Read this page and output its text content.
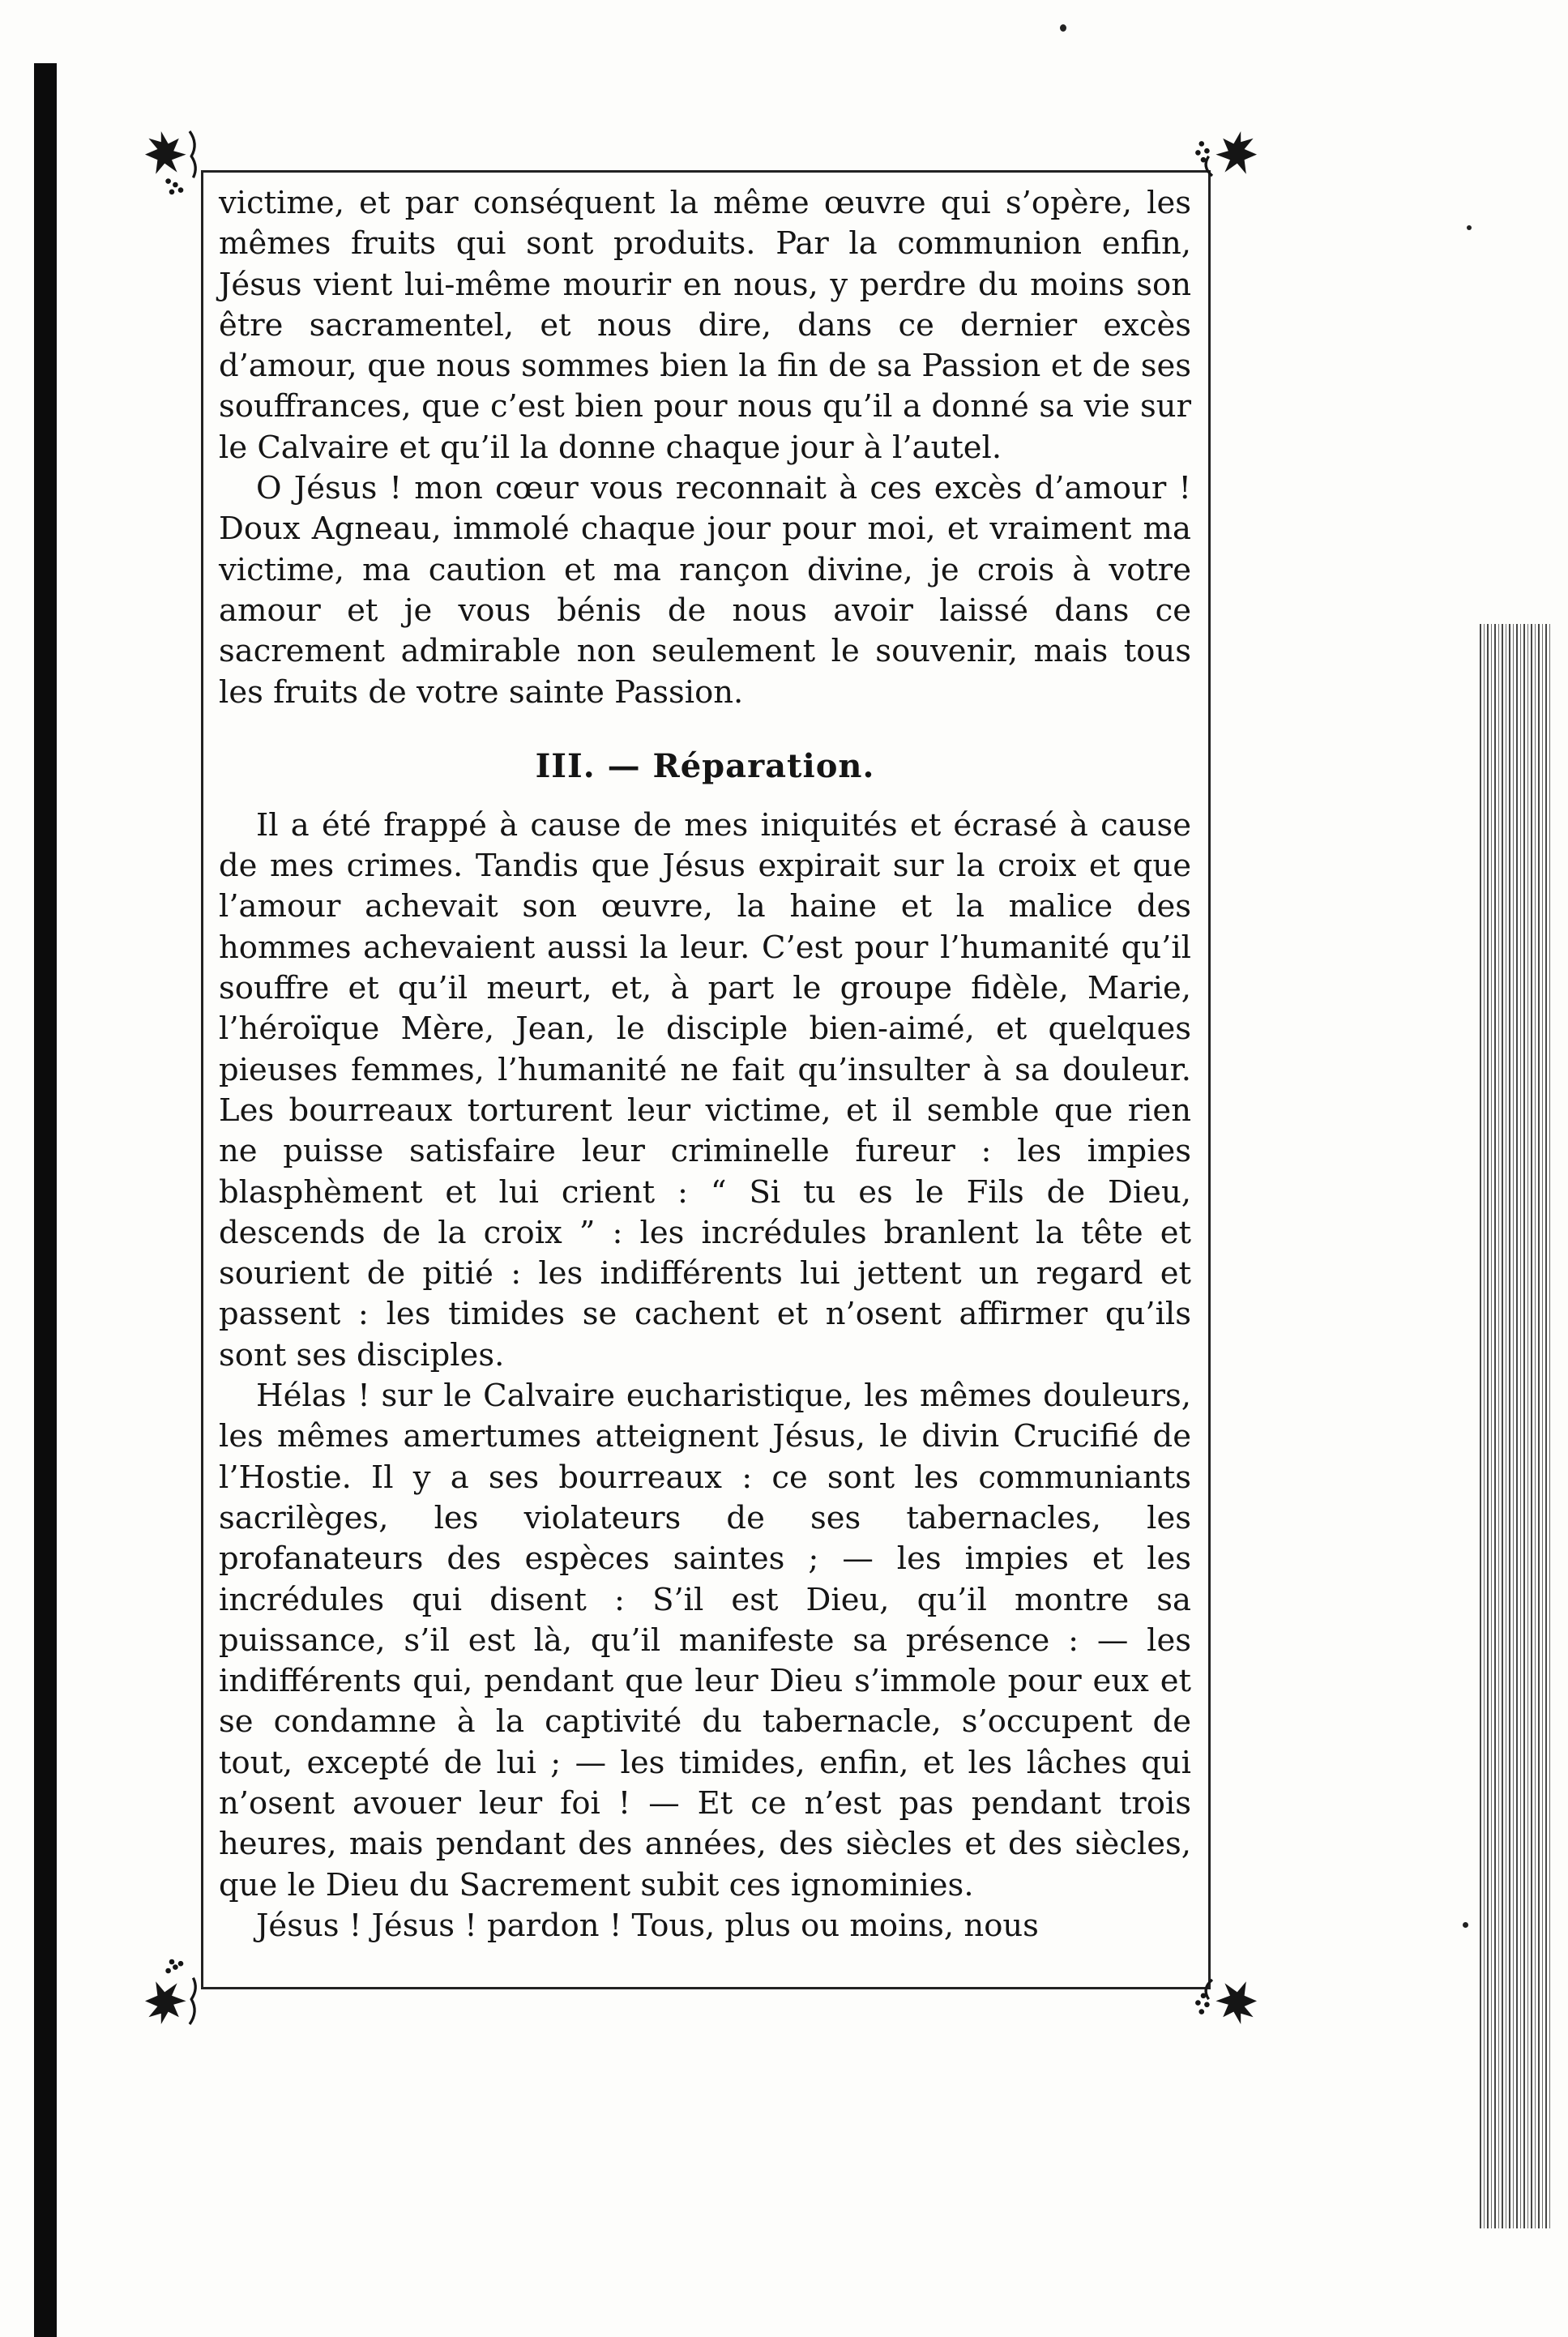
victime, et par conséquent la même œuvre qui s’opère, les mêmes fruits qui sont produits. Par la communion enfin, Jésus vient lui-même mourir en nous, y perdre du moins son être sacramentel, et nous dire, dans ce dernier excès d’amour, que nous sommes bien la fin de sa Passion et de ses souffrances, que c’est bien pour nous qu’il a donné sa vie sur le Calvaire et qu’il la donne chaque jour à l’autel.

O Jésus ! mon cœur vous reconnait à ces excès d’amour ! Doux Agneau, immolé chaque jour pour moi, et vraiment ma victime, ma caution et ma rançon divine, je crois à votre amour et je vous bénis de nous avoir laissé dans ce sacrement admirable non seulement le souvenir, mais tous les fruits de votre sainte Passion.

III. — Réparation.

Il a été frappé à cause de mes iniquités et écrasé à cause de mes crimes. Tandis que Jésus expirait sur la croix et que l’amour achevait son œuvre, la haine et la malice des hommes achevaient aussi la leur. C’est pour l’humanité qu’il souffre et qu’il meurt, et, à part le groupe fidèle, Marie, l’héroïque Mère, Jean, le disciple bien-aimé, et quelques pieuses femmes, l’humanité ne fait qu’insulter à sa douleur. Les bourreaux torturent leur victime, et il semble que rien ne puisse satisfaire leur criminelle fureur : les impies blasphèment et lui crient : “ Si tu es le Fils de Dieu, descends de la croix ” : les incrédules branlent la tête et sourient de pitié : les indifférents lui jettent un regard et passent : les timides se cachent et n’osent affirmer qu’ils sont ses disciples.

Hélas ! sur le Calvaire eucharistique, les mêmes douleurs, les mêmes amertumes atteignent Jésus, le divin Crucifié de l’Hostie. Il y a ses bourreaux : ce sont les communiants sacrilèges, les violateurs de ses tabernacles, les profanateurs des espèces saintes ; — les impies et les incrédules qui disent : S’il est Dieu, qu’il montre sa puissance, s’il est là, qu’il manifeste sa présence : — les indifférents qui, pendant que leur Dieu s’immole pour eux et se condamne à la captivité du tabernacle, s’occupent de tout, excepté de lui ; — les timides, enfin, et les lâches qui n’osent avouer leur foi ! — Et ce n’est pas pendant trois heures, mais pendant des années, des siècles et des siècles, que le Dieu du Sacrement subit ces ignominies.

Jésus ! Jésus ! pardon ! Tous, plus ou moins, nous
